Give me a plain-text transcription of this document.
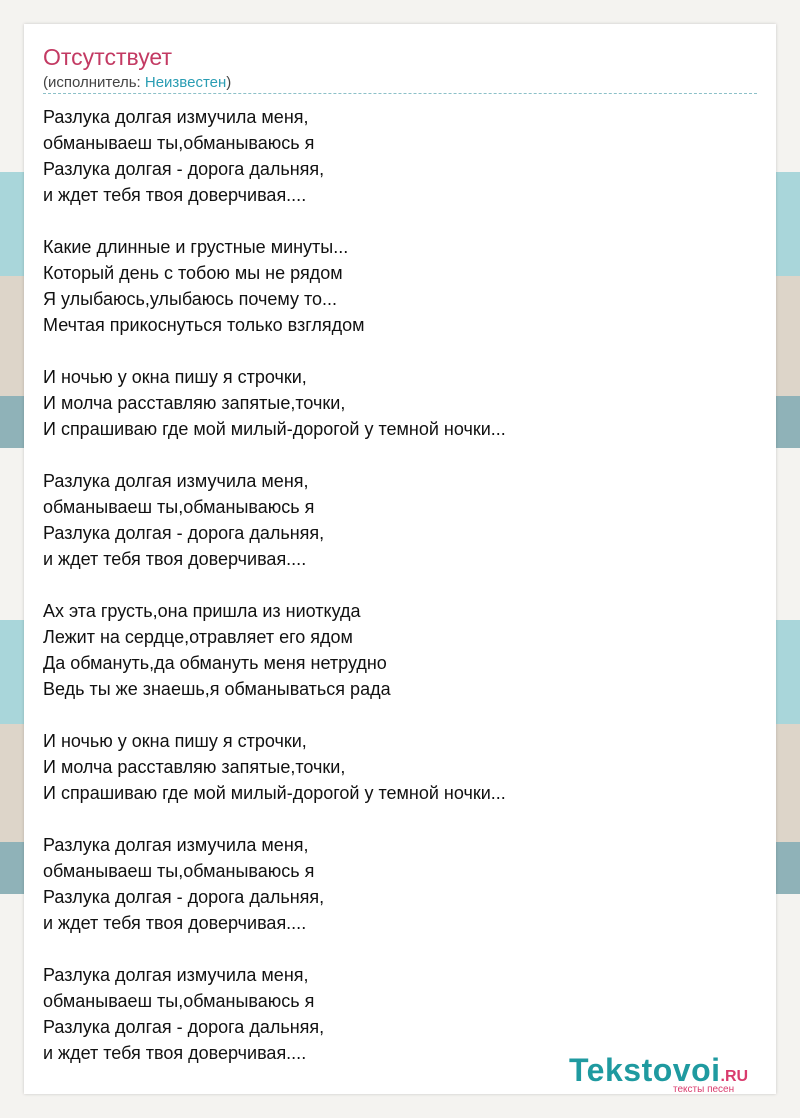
Отсутствует
(исполнитель: Неизвестен)
Разлука долгая измучила меня,
обманываеш ты,обманываюсь я
Разлука долгая - дорога дальняя,
и ждет тебя твоя доверчивая....
Какие длинные и грустные минуты...
Который день с тобою мы не рядом
Я улыбаюсь,улыбаюсь почему то...
Мечтая прикоснуться только взглядом
И ночью у окна пишу я строчки,
И молча расставляю запятые,точки,
И спрашиваю где мой милый-дорогой у темной ночки...
Разлука долгая измучила меня,
обманываеш ты,обманываюсь я
Разлука долгая - дорога дальняя,
и ждет тебя твоя доверчивая....
Ах эта грусть,она пришла из ниоткуда
Лежит на сердце,отравляет его ядом
Да обмануть,да обмануть меня нетрудно
Ведь ты же знаешь,я обманываться рада
И ночью у окна пишу я строчки,
И молча расставляю запятые,точки,
И спрашиваю где мой милый-дорогой у темной ночки...
Разлука долгая измучила меня,
обманываеш ты,обманываюсь я
Разлука долгая - дорога дальняя,
и ждет тебя твоя доверчивая....
Разлука долгая измучила меня,
обманываеш ты,обманываюсь я
Разлука долгая - дорога дальняя,
и ждет тебя твоя доверчивая....	Tekstovoi.RU
тексты песен
